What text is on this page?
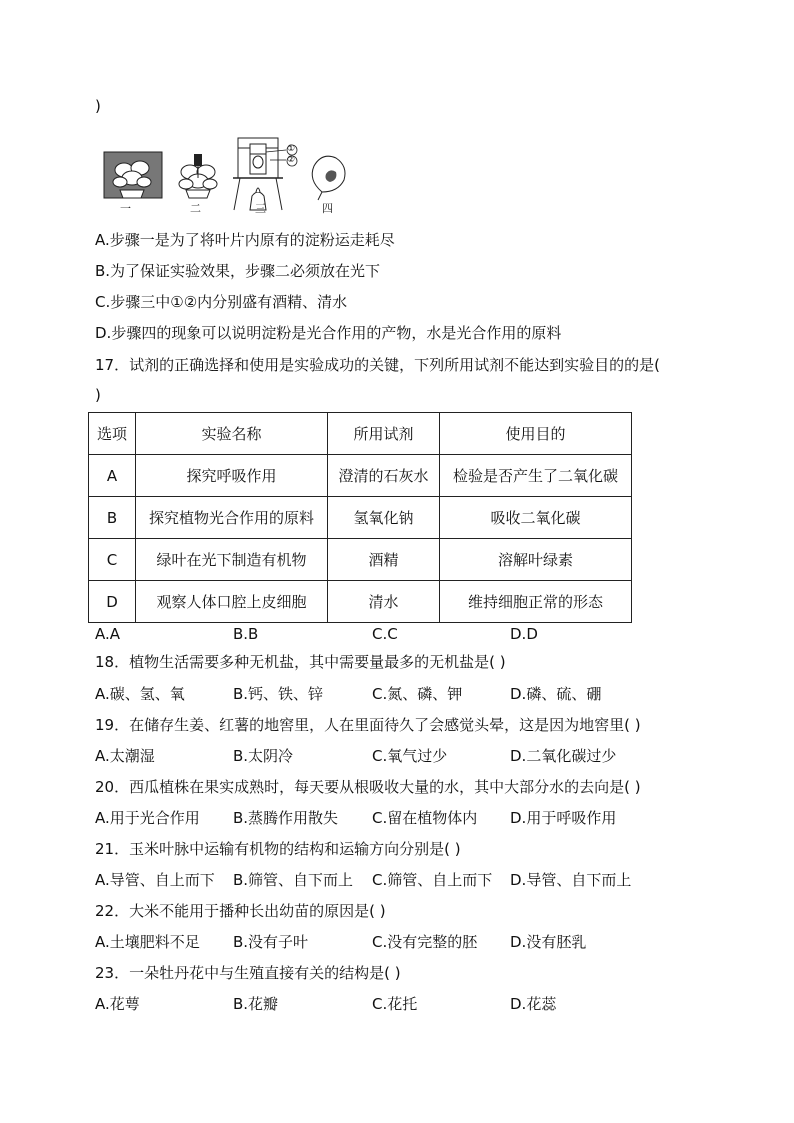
)
①
②
一	二	三	四
A.步骤一是为了将叶片内原有的淀粉运走耗尽
B.为了保证实验效果，步骤二必须放在光下
C.步骤三中①②内分别盛有酒精、清水
D.步骤四的现象可以说明淀粉是光合作用的产物，水是光合作用的原料
17．试剂的正确选择和使用是实验成功的关键，下列所用试剂不能达到实验目的的是(
)
选项	实验名称	所用试剂	使用目的
A	探究呼吸作用	澄清的石灰水	检验是否产生了二氧化碳
B	探究植物光合作用的原料	氢氧化钠	吸收二氧化碳
C	绿叶在光下制造有机物	酒精	溶解叶绿素
D	观察人体口腔上皮细胞	清水	维持细胞正常的形态
A.A	B.B	C.C	D.D
18．植物生活需要多种无机盐，其中需要量最多的无机盐是( )
A.碳、氢、氧	B.钙、铁、锌	C.氮、磷、钾	D.磷、硫、硼
19．在储存生姜、红薯的地窖里，人在里面待久了会感觉头晕，这是因为地窖里( )
A.太潮湿	B.太阴冷	C.氧气过少	D.二氧化碳过少
20．西瓜植株在果实成熟时，每天要从根吸收大量的水，其中大部分水的去向是( )
A.用于光合作用 B.蒸腾作用散失 C.留在植物体内 D.用于呼吸作用
21．玉米叶脉中运输有机物的结构和运输方向分别是( )
A.导管、自上而下 B.筛管、自下而上 C.筛管、自上而下 D.导管、自下而上
22．大米不能用于播种长出幼苗的原因是( )
A.土壤肥料不足 B.没有子叶	C.没有完整的胚 D.没有胚乳
23．一朵牡丹花中与生殖直接有关的结构是( )
A.花萼	B.花瓣	C.花托	D.花蕊
